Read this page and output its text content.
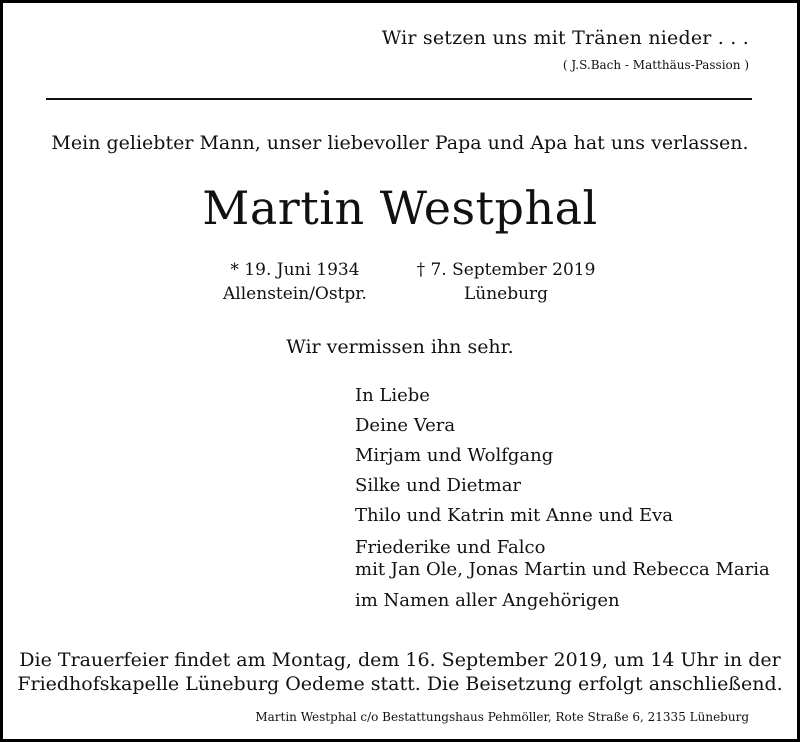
Wir setzen uns mit Tränen nieder . . .
( J.S.Bach - Matthäus-Passion )
Mein geliebter Mann, unser liebevoller Papa und Apa hat uns verlassen.
Martin Westphal
* 19. Juni 1934
Allenstein/Ostpr.
† 7. September 2019
Lüneburg
Wir vermissen ihn sehr.
In Liebe
Deine Vera
Mirjam und Wolfgang
Silke und Dietmar
Thilo und Katrin mit Anne und Eva
Friederike und Falco
mit Jan Ole, Jonas Martin und Rebecca Maria
im Namen aller Angehörigen
Die Trauerfeier findet am Montag, dem 16. September 2019, um 14 Uhr in der
Friedhofskapelle Lüneburg Oedeme statt. Die Beisetzung erfolgt anschließend.
Martin Westphal c/o Bestattungshaus Pehmöller, Rote Straße 6, 21335 Lüneburg
